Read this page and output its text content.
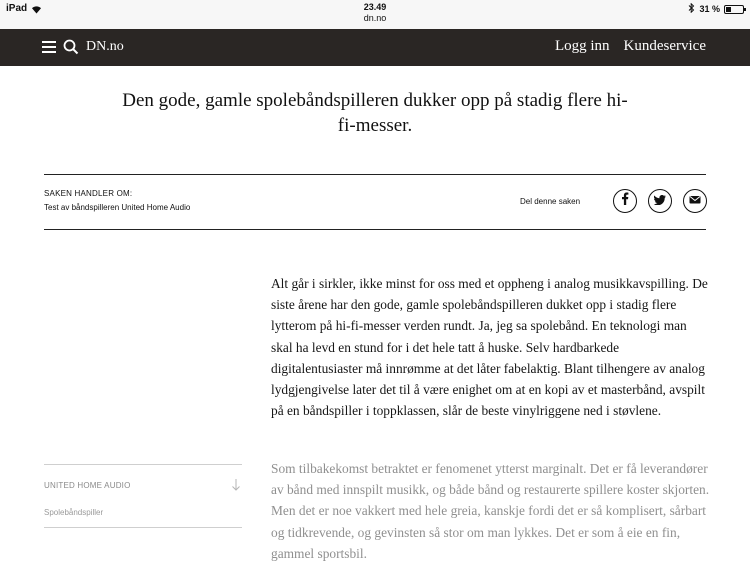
iPad	23.49
dn.no
31 %
DN.no	Logg inn Kundeservice
Den gode, gamle spolebåndspilleren dukker opp på stadig flere hi-fi-messer.
SAKEN HANDLER OM:
Test av båndspilleren United Home Audio
Del denne saken
UNITED HOME AUDIO
Spolebåndspiller

Alt går i sirkler, ikke minst for oss med et oppheng i analog musikkavspilling. De siste årene har den gode, gamle spolebåndspilleren dukket opp i stadig flere lytterom på hi-fi-messer verden rundt. Ja, jeg sa spolebånd. En teknologi man skal ha levd en stund for i det hele tatt å huske. Selv hardbarkede digitalentusiaster må innrømme at det låter fabelaktig. Blant tilhengere av analog lydgjengivelse later det til å være enighet om at en kopi av et masterbånd, avspilt på en båndspiller i toppklassen, slår de beste vinylriggene ned i støvlene.

Som tilbakekomst betraktet er fenomenet ytterst marginalt. Det er få leverandører av bånd med innspilt musikk, og både bånd og restaurerte spillere koster skjorten. Men det er noe vakkert med hele greia, kanskje fordi det er så komplisert, sårbart og tidkrevende, og gevinsten så stor om man lykkes. Det er som å eie en fin, gammel sportsbil.
